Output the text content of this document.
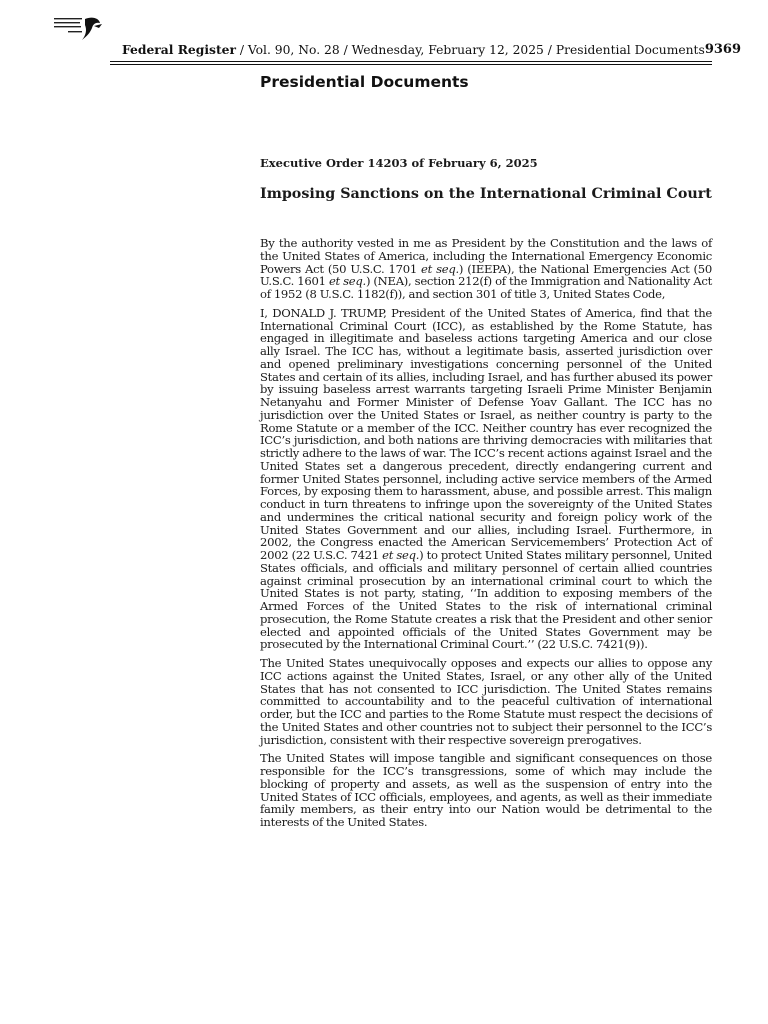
Federal Register / Vol. 90, No. 28 / Wednesday, February 12, 2025 / Presidential Documents 9369
Presidential Documents
Executive Order 14203 of February 6, 2025
Imposing Sanctions on the International Criminal Court

By the authority vested in me as President by the Constitution and the laws of the United States of America, including the International Emergency Economic Powers Act (50 U.S.C. 1701 et seq.) (IEEPA), the National Emergencies Act (50 U.S.C. 1601 et seq.) (NEA), section 212(f) of the Immigration and Nationality Act of 1952 (8 U.S.C. 1182(f)), and section 301 of title 3, United States Code,

I, DONALD J. TRUMP, President of the United States of America, find that the International Criminal Court (ICC), as established by the Rome Statute, has engaged in illegitimate and baseless actions targeting America and our close ally Israel. The ICC has, without a legitimate basis, asserted jurisdiction over and opened preliminary investigations concerning personnel of the United States and certain of its allies, including Israel, and has further abused its power by issuing baseless arrest warrants targeting Israeli Prime Minister Benjamin Netanyahu and Former Minister of Defense Yoav Gallant. The ICC has no jurisdiction over the United States or Israel, as neither country is party to the Rome Statute or a member of the ICC. Neither country has ever recognized the ICC’s jurisdiction, and both nations are thriving democracies with militaries that strictly adhere to the laws of war. The ICC’s recent actions against Israel and the United States set a dangerous precedent, directly endangering current and former United States personnel, including active service members of the Armed Forces, by exposing them to harassment, abuse, and possible arrest. This malign conduct in turn threatens to infringe upon the sovereignty of the United States and undermines the critical national security and foreign policy work of the United States Government and our allies, including Israel. Furthermore, in 2002, the Congress enacted the American Servicemembers’ Protection Act of 2002 (22 U.S.C. 7421 et seq.) to protect United States military personnel, United States officials, and officials and military personnel of certain allied countries against criminal prosecution by an international criminal court to which the United States is not party, stating, ‘‘In addition to exposing members of the Armed Forces of the United States to the risk of international criminal prosecution, the Rome Statute creates a risk that the President and other senior elected and appointed officials of the United States Government may be prosecuted by the International Criminal Court.’’ (22 U.S.C. 7421(9)).

The United States unequivocally opposes and expects our allies to oppose any ICC actions against the United States, Israel, or any other ally of the United States that has not consented to ICC jurisdiction. The United States remains committed to accountability and to the peaceful cultivation of international order, but the ICC and parties to the Rome Statute must respect the decisions of the United States and other countries not to subject their personnel to the ICC’s jurisdiction, consistent with their respective sovereign prerogatives.

The United States will impose tangible and significant consequences on those responsible for the ICC’s transgressions, some of which may include the blocking of property and assets, as well as the suspension of entry into the United States of ICC officials, employees, and agents, as well as their immediate family members, as their entry into our Nation would be detrimental to the interests of the United States.
